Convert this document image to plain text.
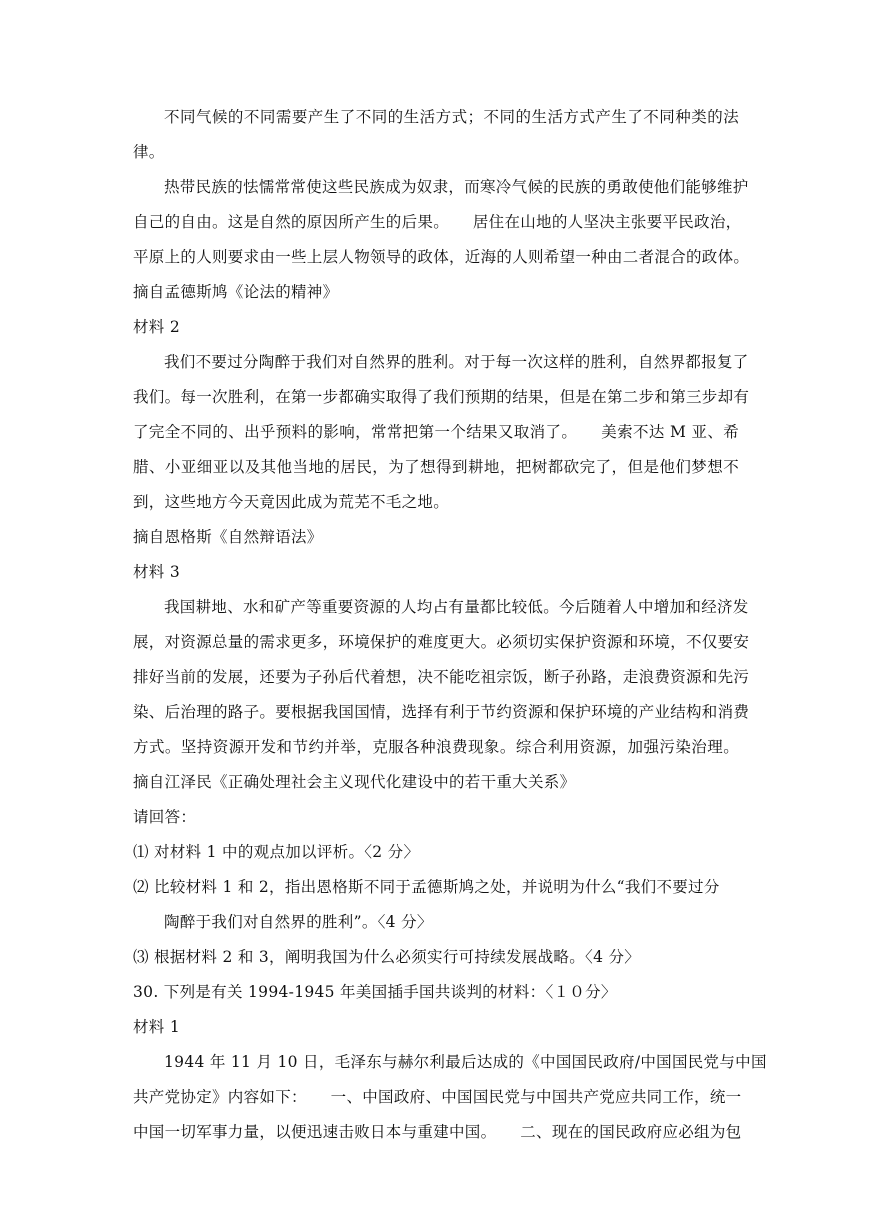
不同气候的不同需要产生了不同的生活方式；不同的生活方式产生了不同种类的法
律。
热带民族的怯懦常常使这些民族成为奴隶，而寒冷气候的民族的勇敢使他们能够维护
自己的自由。这是自然的原因所产生的后果。　　居住在山地的人坚决主张要平民政治，
平原上的人则要求由一些上层人物领导的政体，近海的人则希望一种由二者混合的政体。
摘自孟德斯鸠《论法的精神》
材料 2
我们不要过分陶醉于我们对自然界的胜利。对于每一次这样的胜利，自然界都报复了
我们。每一次胜利，在第一步都确实取得了我们预期的结果，但是在第二步和第三步却有
了完全不同的、出乎预料的影响，常常把第一个结果又取消了。　　美索不达 M 亚、希
腊、小亚细亚以及其他当地的居民，为了想得到耕地，把树都砍完了，但是他们梦想不
到，这些地方今天竟因此成为荒芜不毛之地。
摘自恩格斯《自然辩语法》
材料 3
我国耕地、水和矿产等重要资源的人均占有量都比较低。今后随着人中增加和经济发
展，对资源总量的需求更多，环境保护的难度更大。必须切实保护资源和环境，不仅要安
排好当前的发展，还要为子孙后代着想，决不能吃祖宗饭，断子孙路，走浪费资源和先污
染、后治理的路子。要根据我国国情，选择有利于节约资源和保护环境的产业结构和消费
方式。坚持资源开发和节约并举，克服各种浪费现象。综合利用资源，加强污染治理。
摘自江泽民《正确处理社会主义现代化建设中的若干重大关系》
请回答：
⑴ 对材料 1 中的观点加以评析。〈2 分〉
⑵ 比较材料 1 和 2，指出恩格斯不同于孟德斯鸠之处，并说明为什么“我们不要过分
陶醉于我们对自然界的胜利”。〈4 分〉
⑶ 根据材料 2 和 3，阐明我国为什么必须实行可持续发展战略。〈4 分〉
30. 下列是有关 1994-1945 年美国插手国共谈判的材料：〈１０分〉
材料 1
1944 年 11 月 10 日，毛泽东与赫尔利最后达成的《中国国民政府/中国国民党与中国
共产党协定》内容如下：　　一、中国政府、中国国民党与中国共产党应共同工作，统一
中国一切军事力量，以便迅速击败日本与重建中国。　　二、现在的国民政府应必组为包
